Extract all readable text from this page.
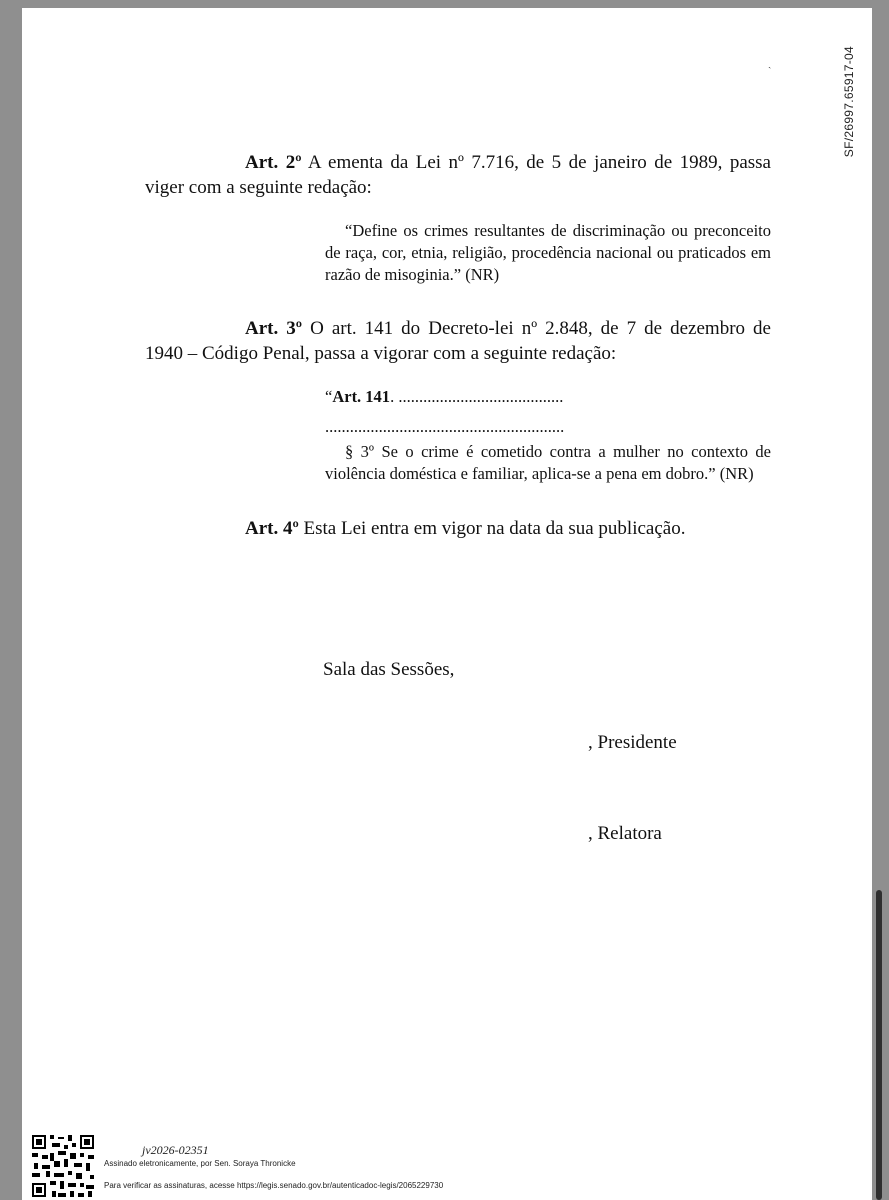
SF/26997.65917-04
ˎ

Art. 2º A ementa da Lei nº 7.716, de 5 de janeiro de 1989, passa viger com a seguinte redação:

“Define os crimes resultantes de discriminação ou preconceito de raça, cor, etnia, religião, procedência nacional ou praticados em razão de misoginia.” (NR)

Art. 3º O art. 141 do Decreto-lei nº 2.848, de 7 de dezembro de 1940 – Código Penal, passa a vigorar com a seguinte redação:

“Art. 141. ........................................

..........................................................

§ 3º Se o crime é cometido contra a mulher no contexto de violência doméstica e familiar, aplica-se a pena em dobro.” (NR)

Art. 4º Esta Lei entra em vigor na data da sua publicação.

Sala das Sessões,
, Presidente
, Relatora
jv2026-02351
Assinado eletronicamente, por Sen. Soraya Thronicke
Para verificar as assinaturas, acesse https://legis.senado.gov.br/autenticadoc-legis/2065229730
